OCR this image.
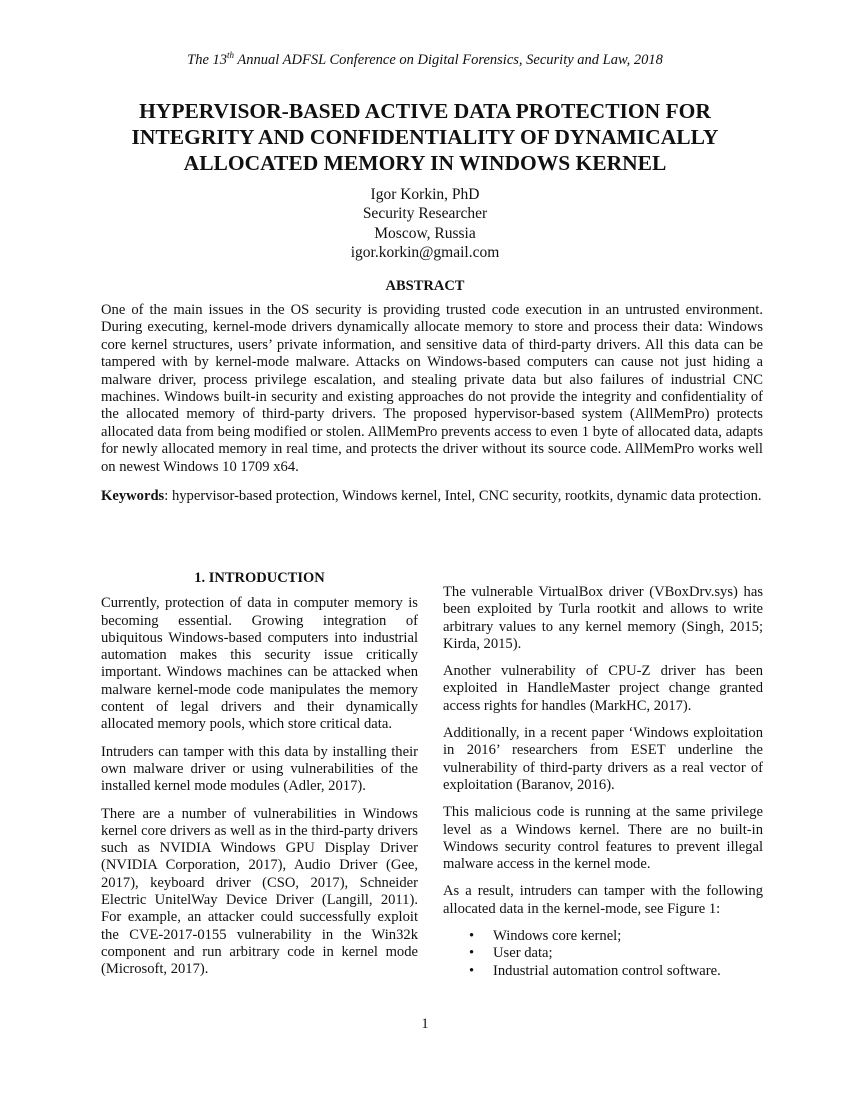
The 13th Annual ADFSL Conference on Digital Forensics, Security and Law, 2018
HYPERVISOR-BASED ACTIVE DATA PROTECTION FOR
INTEGRITY AND CONFIDENTIALITY OF DYNAMICALLY
ALLOCATED MEMORY IN WINDOWS KERNEL
Igor Korkin, PhD
Security Researcher
Moscow, Russia
igor.korkin@gmail.com
ABSTRACT
One of the main issues in the OS security is providing trusted code execution in an untrusted environment. During executing, kernel-mode drivers dynamically allocate memory to store and process their data: Windows core kernel structures, users’ private information, and sensitive data of third-party drivers. All this data can be tampered with by kernel-mode malware. Attacks on Windows-based computers can cause not just hiding a malware driver, process privilege escalation, and stealing private data but also failures of industrial CNC machines. Windows built-in security and existing approaches do not provide the integrity and confidentiality of the allocated memory of third-party drivers. The proposed hypervisor-based system (AllMemPro) protects allocated data from being modified or stolen. AllMemPro prevents access to even 1 byte of allocated data, adapts for newly allocated memory in real time, and protects the driver without its source code. AllMemPro works well on newest Windows 10 1709 x64.
Keywords: hypervisor-based protection, Windows kernel, Intel, CNC security, rootkits, dynamic data protection.
1. INTRODUCTION

Currently, protection of data in computer memory is becoming essential. Growing integration of ubiquitous Windows-based computers into industrial automation makes this security issue critically important. Windows machines can be attacked when malware kernel-mode code manipulates the memory content of legal drivers and their dynamically allocated memory pools, which store critical data.

Intruders can tamper with this data by installing their own malware driver or using vulnerabilities of the installed kernel mode modules (Adler, 2017).

There are a number of vulnerabilities in Windows kernel core drivers as well as in the third-party drivers such as NVIDIA Windows GPU Display Driver (NVIDIA Corporation, 2017), Audio Driver (Gee, 2017), keyboard driver (CSO, 2017), Schneider Electric UnitelWay Device Driver (Langill, 2011). For example, an attacker could successfully exploit the CVE-2017-0155 vulnerability in the Win32k component and run arbitrary code in kernel mode (Microsoft, 2017).

The vulnerable VirtualBox driver (VBoxDrv.sys) has been exploited by Turla rootkit and allows to write arbitrary values to any kernel memory (Singh, 2015; Kirda, 2015).

Another vulnerability of CPU-Z driver has been exploited in HandleMaster project change granted access rights for handles (MarkHC, 2017).

Additionally, in a recent paper ‘Windows exploitation in 2016’ researchers from ESET underline the vulnerability of third-party drivers as a real vector of exploitation (Baranov, 2016).

This malicious code is running at the same privilege level as a Windows kernel. There are no built-in Windows security control features to prevent illegal malware access in the kernel mode.

As a result, intruders can tamper with the following allocated data in the kernel-mode, see Figure 1:

• Windows core kernel;
• User data;
• Industrial automation control software.
1
